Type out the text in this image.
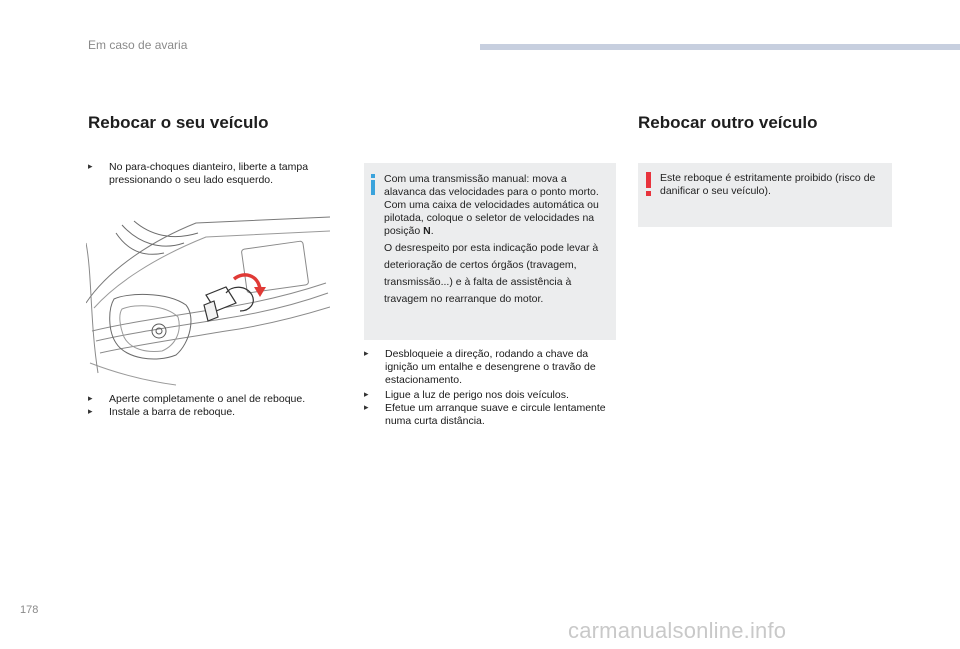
Em caso de avaria
Rebocar o seu veículo
▸	No para-choques dianteiro, liberte a tampa pressionando o seu lado esquerdo.
▸	Aperte completamente o anel de reboque.
▸	Instale a barra de reboque.

Com uma transmissão manual: mova a alavanca das velocidades para o ponto morto.

Com uma caixa de velocidades automática ou pilotada, coloque o seletor de velocidades na posição N.

O desrespeito por esta indicação pode levar à deterioração de certos órgãos (travagem, transmissão...) e à falta de assistência à travagem no rearranque do motor.

▸	Desbloqueie a direção, rodando a chave da ignição um entalhe e desengrene o travão de estacionamento.
▸	Ligue a luz de perigo nos dois veículos.
▸	Efetue um arranque suave e circule lentamente numa curta distância.
Rebocar outro veículo
Este reboque é estritamente proibido (risco de danificar o seu veículo).
178
carmanualsonline.info
